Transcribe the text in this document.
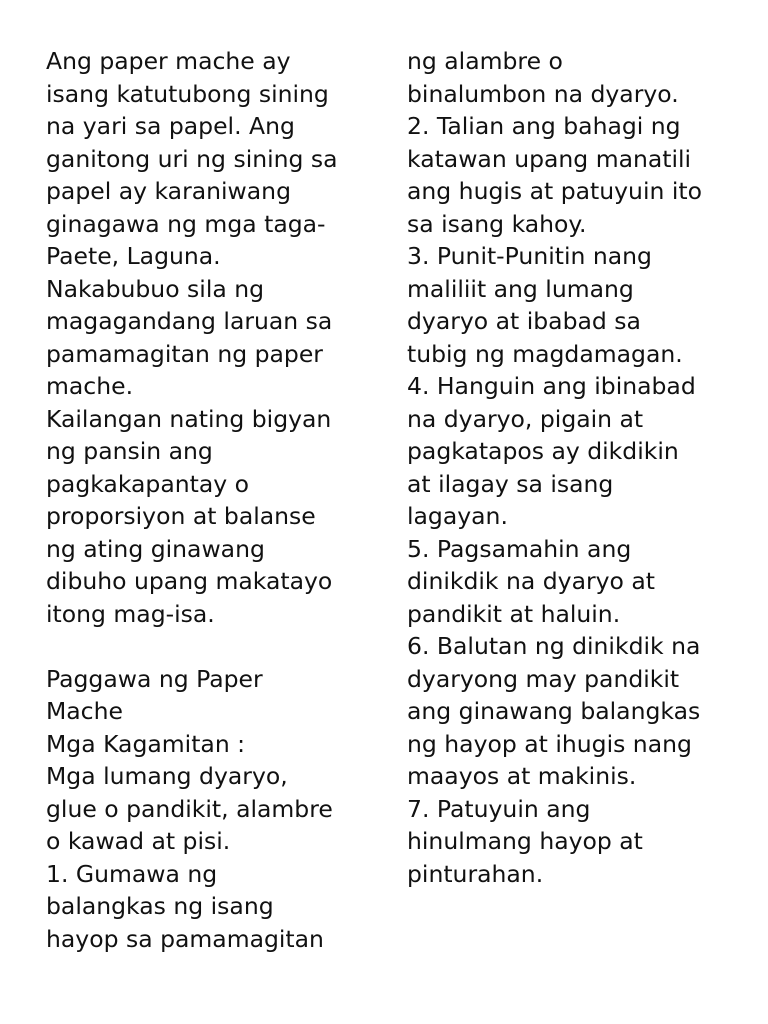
Ang paper mache ay
isang katutubong sining
na yari sa papel. Ang
ganitong uri ng sining sa
papel ay karaniwang
ginagawa ng mga taga-
Paete, Laguna.
Nakabubuo sila ng
magagandang laruan sa
pamamagitan ng paper
mache.
Kailangan nating bigyan
ng pansin ang
pagkakapantay o
proporsiyon at balanse
ng ating ginawang
dibuho upang makatayo
itong mag-isa.
Paggawa ng Paper
Mache
Mga Kagamitan :
Mga lumang dyaryo,
glue o pandikit, alambre
o kawad at pisi.
1. Gumawa ng
balangkas ng isang
hayop sa pamamagitan
ng alambre o
binalumbon na dyaryo.
2. Talian ang bahagi ng
katawan upang manatili
ang hugis at patuyuin ito
sa isang kahoy.
3. Punit-Punitin nang
maliliit ang lumang
dyaryo at ibabad sa
tubig ng magdamagan.
4. Hanguin ang ibinabad
na dyaryo, pigain at
pagkatapos ay dikdikin
at ilagay sa isang
lagayan.
5. Pagsamahin ang
dinikdik na dyaryo at
pandikit at haluin.
6. Balutan ng dinikdik na
dyaryong may pandikit
ang ginawang balangkas
ng hayop at ihugis nang
maayos at makinis.
7. Patuyuin ang
hinulmang hayop at
pinturahan.
